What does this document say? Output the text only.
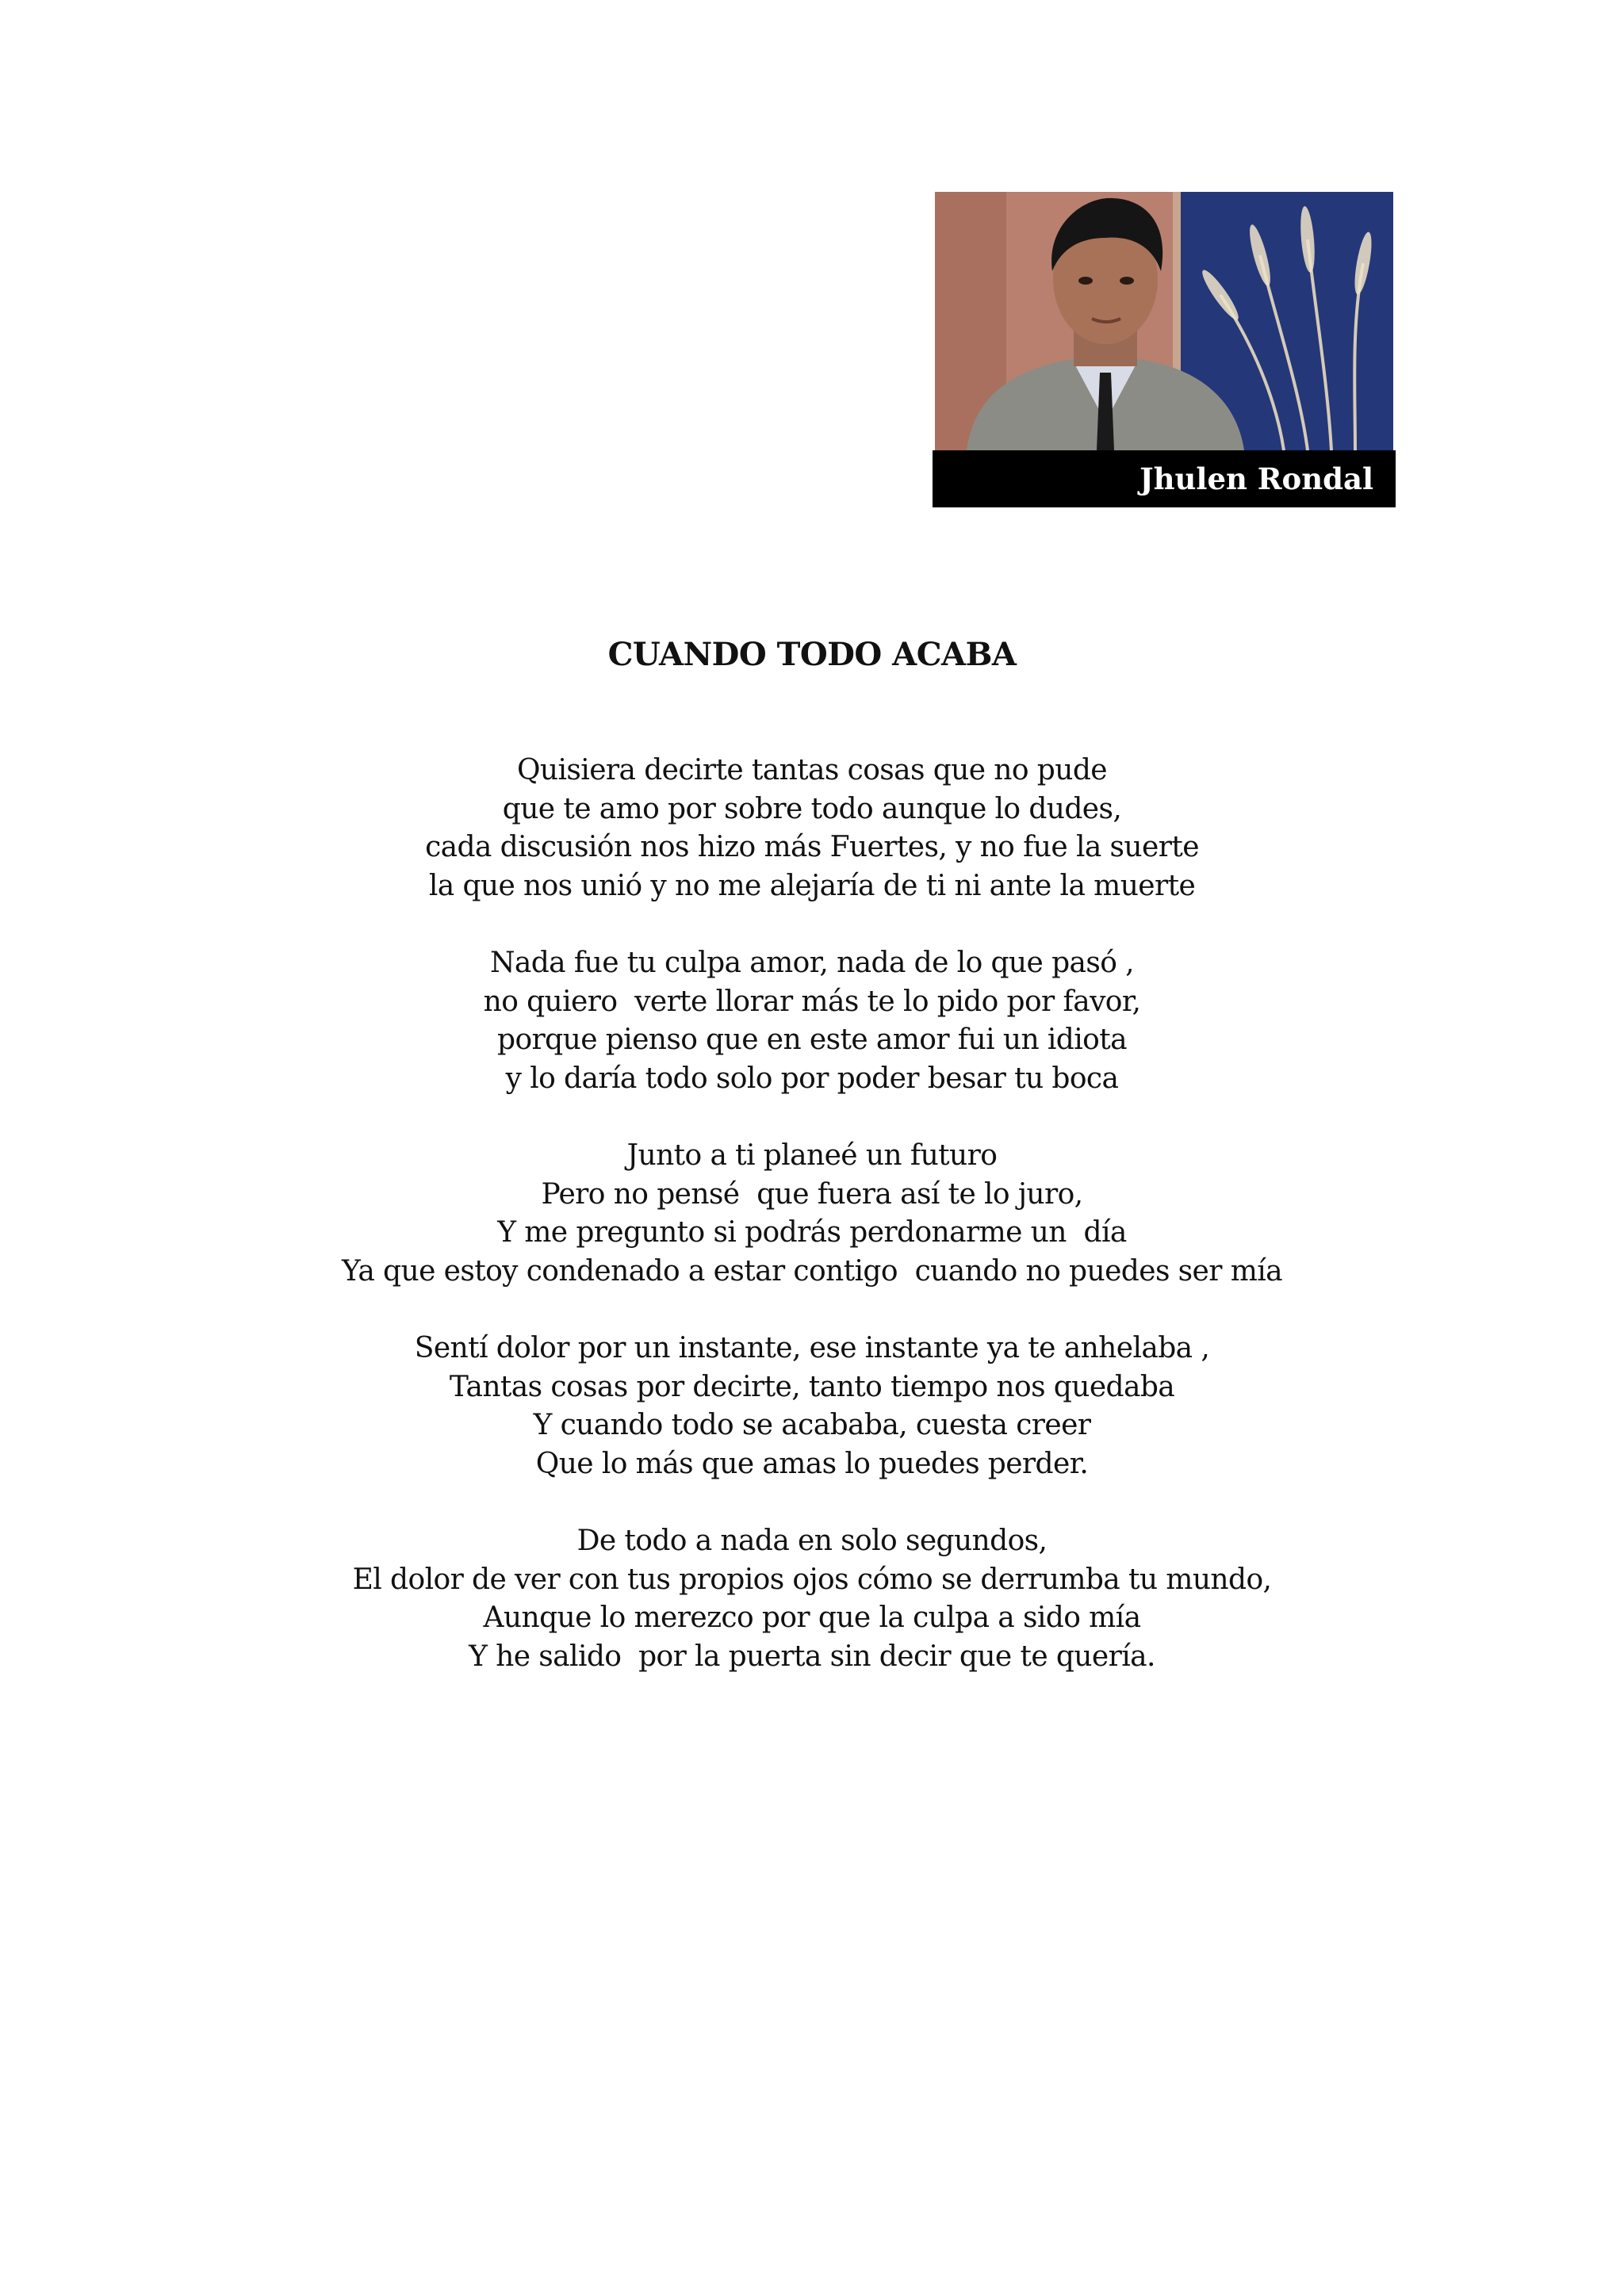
Jhulen Rondal
CUANDO TODO ACABA
Quisiera decirte tantas cosas que no pude
que te amo por sobre todo aunque lo dudes,
cada discusión nos hizo más Fuertes, y no fue la suerte
la que nos unió y no me alejaría de ti ni ante la muerte
Nada fue tu culpa amor, nada de lo que pasó ,
no quiero  verte llorar más te lo pido por favor,
porque pienso que en este amor fui un idiota
y lo daría todo solo por poder besar tu boca
Junto a ti planeé un futuro
Pero no pensé  que fuera así te lo juro,
Y me pregunto si podrás perdonarme un  día
Ya que estoy condenado a estar contigo  cuando no puedes ser mía
Sentí dolor por un instante, ese instante ya te anhelaba ,
Tantas cosas por decirte, tanto tiempo nos quedaba
Y cuando todo se acababa, cuesta creer
Que lo más que amas lo puedes perder.
De todo a nada en solo segundos,
El dolor de ver con tus propios ojos cómo se derrumba tu mundo,
Aunque lo merezco por que la culpa a sido mía
Y he salido  por la puerta sin decir que te quería.
